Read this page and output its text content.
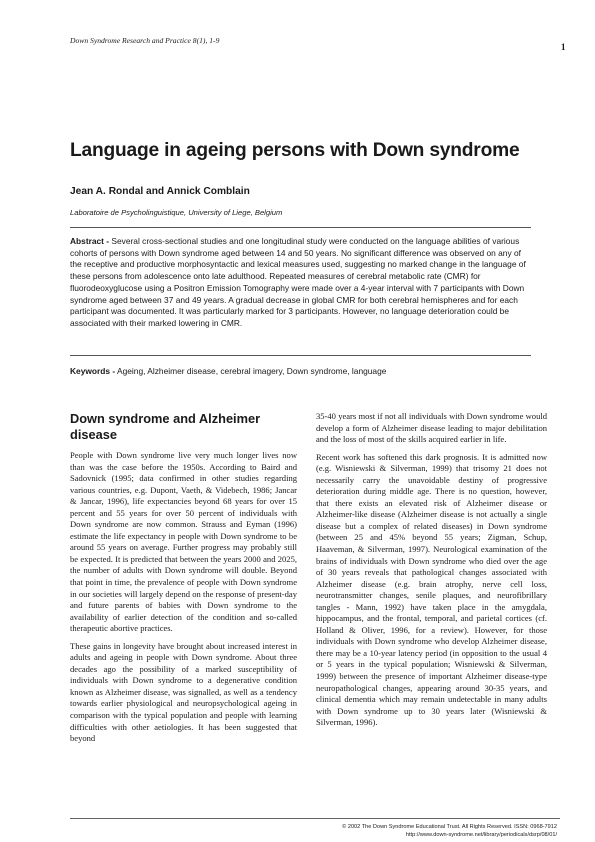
Down Syndrome Research and Practice 8(1), 1-9
1
Language in ageing persons with Down syndrome
Jean A. Rondal and Annick Comblain
Laboratoire de Psycholinguistique, University of Liege, Belgium

Abstract - Several cross-sectional studies and one longitudinal study were conducted on the language abilities of various cohorts of persons with Down syndrome aged between 14 and 50 years. No significant difference was observed on any of the receptive and productive morphosyntactic and lexical measures used, suggesting no marked change in the language of these persons from adolescence onto late adulthood. Repeated measures of cerebral metabolic rate (CMR) for fluorodeoxyglucose using a Positron Emission Tomography were made over a 4-year interval with 7 participants with Down syndrome aged between 37 and 49 years. A gradual decrease in global CMR for both cerebral hemispheres and for each participant was documented. It was particularly marked for 3 participants. However, no language deterioration could be associated with their marked lowering in CMR.

Keywords - Ageing, Alzheimer disease, cerebral imagery, Down syndrome, language

Down syndrome and Alzheimer disease

People with Down syndrome live very much longer lives now than was the case before the 1950s. According to Baird and Sadovnick (1995; data confirmed in other studies regarding various countries, e.g. Dupont, Vaeth, & Videbech, 1986; Jancar & Jancar, 1996), life expectancies beyond 68 years for over 15 percent and 55 years for over 50 percent of individuals with Down syndrome are now common. Strauss and Eyman (1996) estimate the life expectancy in people with Down syndrome to be around 55 years on average. Further progress may probably still be expected. It is predicted that between the years 2000 and 2025, the number of adults with Down syndrome will double. Beyond that point in time, the prevalence of people with Down syndrome in our societies will largely depend on the response of present-day and future parents of babies with Down syndrome to the availability of earlier detection of the condition and so-called therapeutic abortive practices.

These gains in longevity have brought about increased interest in adults and ageing in people with Down syndrome. About three decades ago the possibility of a marked susceptibility of individuals with Down syndrome to a degenerative condition known as Alzheimer disease, was signalled, as well as a tendency towards earlier physiological and neuropsychological ageing in comparison with the typical population and people with learning difficulties with other aetiologies. It has been suggested that beyond

35-40 years most if not all individuals with Down syndrome would develop a form of Alzheimer disease leading to major debilitation and the loss of most of the skills acquired earlier in life.

Recent work has softened this dark prognosis. It is admitted now (e.g. Wisniewski & Silverman, 1999) that trisomy 21 does not necessarily carry the unavoidable destiny of progressive deterioration during middle age. There is no question, however, that there exists an elevated risk of Alzheimer disease or Alzheimer-like disease (Alzheimer disease is not actually a single disease but a complex of related diseases) in Down syndrome (between 25 and 45% beyond 55 years; Zigman, Schup, Haaveman, & Silverman, 1997). Neurological examination of the brains of individuals with Down syndrome who died over the age of 30 years reveals that pathological changes associated with Alzheimer disease (e.g. brain atrophy, nerve cell loss, neurotransmitter changes, senile plaques, and neurofibrillary tangles - Mann, 1992) have taken place in the amygdala, hippocampus, and the frontal, temporal, and parietal cortices (cf. Holland & Oliver, 1996, for a review). However, for those individuals with Down syndrome who develop Alzheimer disease, there may be a 10-year latency period (in opposition to the usual 4 or 5 years in the typical population; Wisniewski & Silverman, 1999) between the presence of important Alzheimer disease-type neuropathological changes, appearing around 30-35 years, and clinical dementia which may remain undetectable in many adults with Down syndrome up to 30 years later (Wisniewski & Silverman, 1996).

© 2002 The Down Syndrome Educational Trust. All Rights Reserved. ISSN: 0968-7912
http://www.down-syndrome.net/library/periodicals/dsrp/08/01/
